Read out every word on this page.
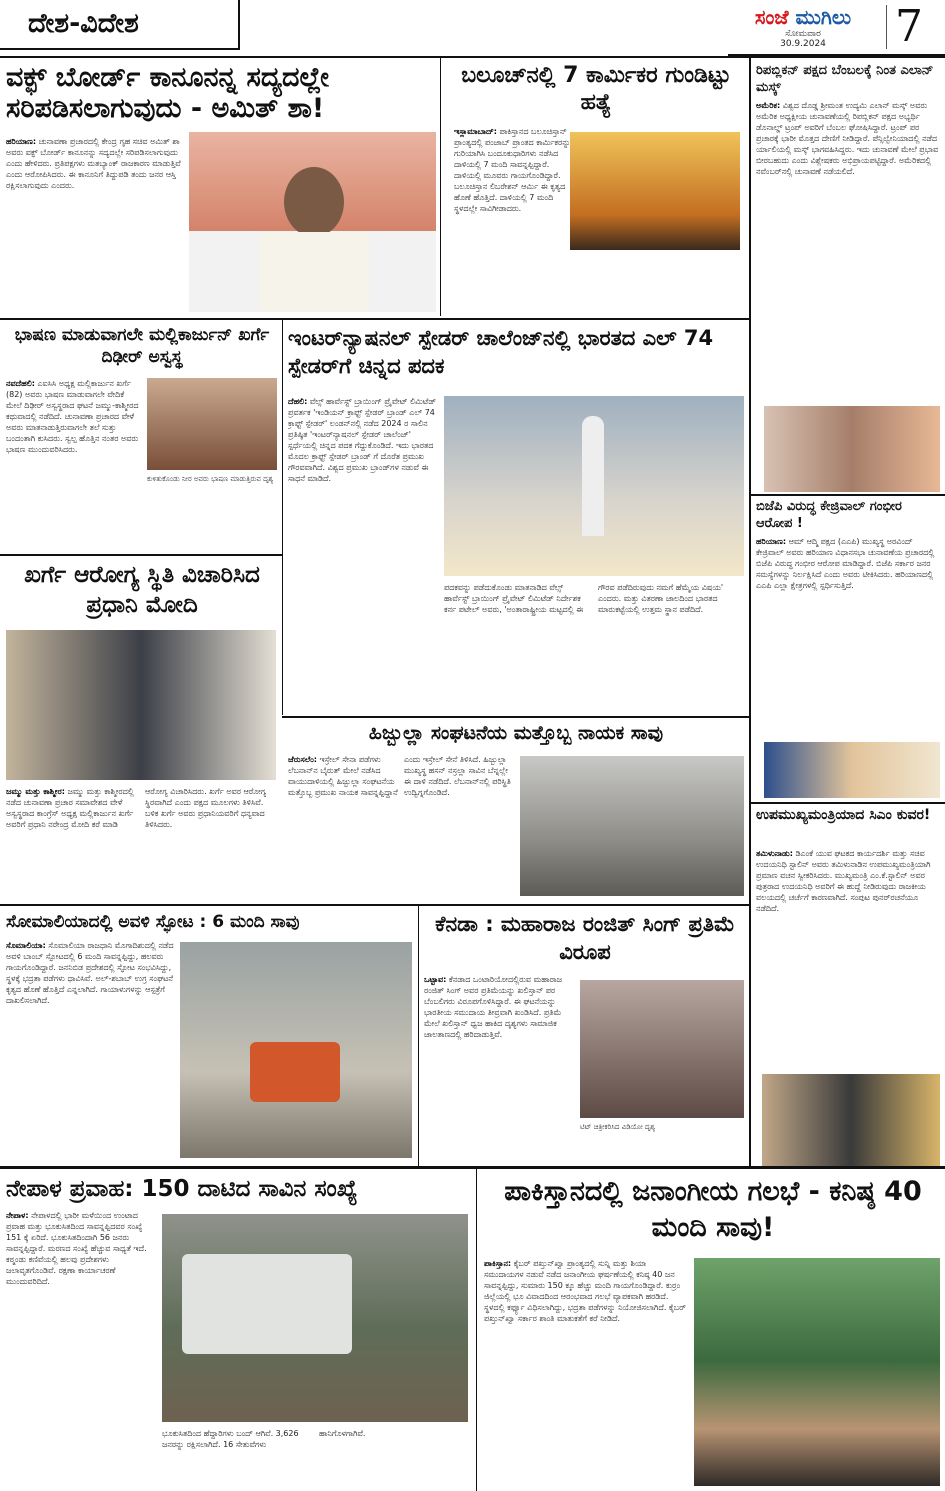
ದೇಶ-ವಿದೇಶ	ಸಂಜೆ ಮುಗಿಲು
ಸೋಮವಾರ
30.9.2024 7
ವಕ್ಫ್ ಬೋರ್ಡ್ ಕಾನೂನನ್ನ ಸದ್ಯದಲ್ಲೇ ಸರಿಪಡಿಸಲಾಗುವುದು - ಅಮಿತ್ ಶಾ!
ಹರಿಯಾಣ: ಚುನಾವಣಾ ಪ್ರಚಾರದಲ್ಲಿ ಕೇಂದ್ರ ಗೃಹ ಸಚಿವ ಅಮಿತ್ ಶಾ ಅವರು ವಕ್ಫ್ ಬೋರ್ಡ್ ಕಾನೂನನ್ನು ಸದ್ಯದಲ್ಲೇ ಸರಿಪಡಿಸಲಾಗುವುದು ಎಂದು ಹೇಳಿದರು. ಪ್ರತಿಪಕ್ಷಗಳು ಮತಬ್ಯಾಂಕ್ ರಾಜಕಾರಣ ಮಾಡುತ್ತಿವೆ ಎಂದು ಆರೋಪಿಸಿದರು. ಈ ಕಾನೂನಿಗೆ ತಿದ್ದುಪಡಿ ತಂದು ಜನರ ಆಸ್ತಿ ರಕ್ಷಿಸಲಾಗುವುದು ಎಂದರು.
ಬಲೂಚ್‌ನಲ್ಲಿ 7 ಕಾರ್ಮಿಕರ ಗುಂಡಿಟ್ಟು ಹತ್ಯೆ
ಇಸ್ಲಾಮಾಬಾದ್: ಪಾಕಿಸ್ತಾನದ ಬಲೂಚಿಸ್ತಾನ್ ಪ್ರಾಂತ್ಯದಲ್ಲಿ ಪಂಜಾಬ್ ಪ್ರಾಂತದ ಕಾರ್ಮಿಕರನ್ನು ಗುರಿಯಾಗಿಸಿ ಬಂದೂಕುಧಾರಿಗಳು ನಡೆಸಿದ ದಾಳಿಯಲ್ಲಿ 7 ಮಂದಿ ಸಾವನ್ನಪ್ಪಿದ್ದಾರೆ. ದಾಳಿಯಲ್ಲಿ ಮೂವರು ಗಾಯಗೊಂಡಿದ್ದಾರೆ. ಬಲೂಚಿಸ್ತಾನ ಲಿಬರೇಶನ್ ಆರ್ಮಿ ಈ ಕೃತ್ಯದ ಹೊಣೆ ಹೊತ್ತಿದೆ. ದಾಳಿಯಲ್ಲಿ 7 ಮಂದಿ ಸ್ಥಳದಲ್ಲೇ ಸಾವಿಗೀಡಾದರು.
ಭಾಷಣ ಮಾಡುವಾಗಲೇ ಮಲ್ಲಿಕಾರ್ಜುನ್ ಖರ್ಗೆ ದಿಢೀರ್ ಅಸ್ವಸ್ಥ
ನವದೆಹಲಿ: ಎಐಸಿಸಿ ಅಧ್ಯಕ್ಷ ಮಲ್ಲಿಕಾರ್ಜುನ ಖರ್ಗೆ (82) ಅವರು ಭಾಷಣ ಮಾಡುವಾಗಲೇ ವೇದಿಕೆ ಮೇಲೆ ದಿಢೀರ್ ಅಸ್ವಸ್ಥರಾದ ಘಟನೆ ಜಮ್ಮು-ಕಾಶ್ಮೀರದ ಕಥುವಾದಲ್ಲಿ ನಡೆದಿದೆ. ಚುನಾವಣಾ ಪ್ರಚಾರದ ವೇಳೆ ಅವರು ಮಾತನಾಡುತ್ತಿರುವಾಗಲೇ ತಲೆ ಸುತ್ತು ಬಂದಂತಾಗಿ ಕುಸಿದರು. ಸ್ವಲ್ಪ ಹೊತ್ತಿನ ನಂತರ ಅವರು ಭಾಷಣ ಮುಂದುವರಿಸಿದರು.
ಕುಳಿತುಕೊಂಡು ನೀರ ಅವರು ಭಾಷಣ ಮಾಡುತ್ತಿರುವ ದೃಶ್ಯ
ಇಂಟರ್‌ನ್ಯಾಷನಲ್ ಸ್ಪೇಡರ್ ಚಾಲೆಂಜ್‌ನಲ್ಲಿ ಭಾರತದ ಎಲ್ 74 ಸ್ಪೇಡರ್‌ಗೆ ಚಿನ್ನದ ಪದಕ
ದೆಹಲಿ: ವೆಲ್ಸ್ ಹಾರ್ವೆಸ್ಟ್ ಬ್ರಾಯಿಂಗ್ ಪ್ರೈವೇಟ್ ಲಿಮಿಟೆಡ್ ಪ್ರವರ್ತಕ 'ಇಂಡಿಯನ್ ಕ್ರಾಫ್ಟ್ ಸ್ಪೇಡರ್ ಬ್ರಾಂಡ್ ಎಲ್ 74 ಕ್ರಾಫ್ಟ್ ಸ್ಪೇಡರ್' ಲಂಡನ್‌ನಲ್ಲಿ ನಡೆದ 2024 ರ ಸಾಲಿನ ಪ್ರತಿಷ್ಠಿತ 'ಇಂಟರ್‌ನ್ಯಾಷನಲ್ ಸ್ಪೇಡರ್ ಚಾಲೆಂಜ್' ಸ್ಪರ್ಧೆಯಲ್ಲಿ ಚಿನ್ನದ ಪದಕ ಗೆದ್ದುಕೊಂಡಿದೆ. ಇದು ಭಾರತದ ಮೊದಲ ಕ್ರಾಫ್ಟ್ ಸ್ಪೇಡರ್ ಬ್ರಾಂಡ್ ಗೆ ದೊರೆತ ಪ್ರಮುಖ ಗೌರವವಾಗಿದೆ. ವಿಶ್ವದ ಪ್ರಮುಖ ಬ್ರಾಂಡ್‌ಗಳ ನಡುವೆ ಈ ಸಾಧನೆ ಮಾಡಿದೆ.
ಪದಕವನ್ನು ಪಡೆದುಕೊಂಡು ಮಾತನಾಡಿದ ವೆಲ್ಸ್ ಹಾರ್ವೆಸ್ಟ್ ಬ್ರಾಯಿಂಗ್ ಪ್ರೈವೇಟ್ ಲಿಮಿಟೆಡ್ ನಿರ್ದೇಶಕ ಕರ್ನ ಪಟೇಲ್ ಅವರು, 'ಅಂತಾರಾಷ್ಟ್ರೀಯ ಮಟ್ಟದಲ್ಲಿ ಈ ಗೌರವ ಪಡೆದಿರುವುದು ನಮಗೆ ಹೆಮ್ಮೆಯ ವಿಷಯ' ಎಂದರು. ಮತ್ತು ವಿತರಣಾ ಜಾಲದಿಂದ ಭಾರತದ ಮಾರುಕಟ್ಟೆಯಲ್ಲಿ ಉತ್ತಮ ಸ್ಥಾನ ಪಡೆದಿದೆ.
ಖರ್ಗೆ ಆರೋಗ್ಯ ಸ್ಥಿತಿ ವಿಚಾರಿಸಿದ ಪ್ರಧಾನಿ ಮೋದಿ
ಜಮ್ಮು ಮತ್ತು ಕಾಶ್ಮೀರ: ಜಮ್ಮು ಮತ್ತು ಕಾಶ್ಮೀರದಲ್ಲಿ ನಡೆದ ಚುನಾವಣಾ ಪ್ರಚಾರ ಸಮಾವೇಶದ ವೇಳೆ ಅಸ್ವಸ್ಥರಾದ ಕಾಂಗ್ರೆಸ್ ಅಧ್ಯಕ್ಷ ಮಲ್ಲಿಕಾರ್ಜುನ ಖರ್ಗೆ ಅವರಿಗೆ ಪ್ರಧಾನಿ ನರೇಂದ್ರ ಮೋದಿ ಕರೆ ಮಾಡಿ ಆರೋಗ್ಯ ವಿಚಾರಿಸಿದರು. ಖರ್ಗೆ ಅವರ ಆರೋಗ್ಯ ಸ್ಥಿರವಾಗಿದೆ ಎಂದು ಪಕ್ಷದ ಮೂಲಗಳು ತಿಳಿಸಿವೆ. ಬಳಿಕ ಖರ್ಗೆ ಅವರು ಪ್ರಧಾನಿಯವರಿಗೆ ಧನ್ಯವಾದ ತಿಳಿಸಿದರು.
ಹಿಜ್ಬುಲ್ಲಾ ಸಂಘಟನೆಯ ಮತ್ತೊಬ್ಬ ನಾಯಕ ಸಾವು
ಜೆರುಸಲೆಂ: ಇಸ್ರೇಲ್ ಸೇನಾ ಪಡೆಗಳು ಲೆಬನಾನ್‌ನ ಬೈರುತ್ ಮೇಲೆ ನಡೆಸಿದ ವಾಯುದಾಳಿಯಲ್ಲಿ ಹಿಜ್ಬುಲ್ಲಾ ಸಂಘಟನೆಯ ಮತ್ತೊಬ್ಬ ಪ್ರಮುಖ ನಾಯಕ ಸಾವನ್ನಪ್ಪಿದ್ದಾನೆ ಎಂದು ಇಸ್ರೇಲ್ ಸೇನೆ ತಿಳಿಸಿದೆ. ಹಿಜ್ಬುಲ್ಲಾ ಮುಖ್ಯಸ್ಥ ಹಸನ್ ನಸ್ರಲ್ಲಾ ಸಾವಿನ ಬೆನ್ನಲ್ಲೇ ಈ ದಾಳಿ ನಡೆದಿದೆ. ಲೆಬನಾನ್‌ನಲ್ಲಿ ಪರಿಸ್ಥಿತಿ ಉದ್ವಿಗ್ನಗೊಂಡಿದೆ.
ಸೋಮಾಲಿಯಾದಲ್ಲಿ ಅವಳಿ ಸ್ಫೋಟ : 6 ಮಂದಿ ಸಾವು
ಸೊಮಾಲಿಯಾ: ಸೊಮಾಲಿಯಾ ರಾಜಧಾನಿ ಮೊಗಾದಿಶುದಲ್ಲಿ ನಡೆದ ಅವಳಿ ಬಾಂಬ್ ಸ್ಫೋಟದಲ್ಲಿ 6 ಮಂದಿ ಸಾವನ್ನಪ್ಪಿದ್ದು, ಹಲವರು ಗಾಯಗೊಂಡಿದ್ದಾರೆ. ಜನನಿಬಿಡ ಪ್ರದೇಶದಲ್ಲಿ ಸ್ಫೋಟ ಸಂಭವಿಸಿದ್ದು, ಸ್ಥಳಕ್ಕೆ ಭದ್ರತಾ ಪಡೆಗಳು ಧಾವಿಸಿವೆ. ಅಲ್-ಶಬಾಬ್ ಉಗ್ರ ಸಂಘಟನೆ ಕೃತ್ಯದ ಹೊಣೆ ಹೊತ್ತಿದೆ ಎನ್ನಲಾಗಿದೆ. ಗಾಯಾಳುಗಳನ್ನು ಆಸ್ಪತ್ರೆಗೆ ದಾಖಲಿಸಲಾಗಿದೆ.
ಕೆನಡಾ : ಮಹಾರಾಜ ರಂಜಿತ್ ಸಿಂಗ್ ಪ್ರತಿಮೆ ವಿರೂಪ
ಒಟ್ಟಾವ: ಕೆನಡಾದ ಒಂಟಾರಿಯೋದಲ್ಲಿರುವ ಮಹಾರಾಜ ರಂಜಿತ್ ಸಿಂಗ್ ಅವರ ಪ್ರತಿಮೆಯನ್ನು ಖಲಿಸ್ತಾನ್ ಪರ ಬೆಂಬಲಿಗರು ವಿರೂಪಗೊಳಿಸಿದ್ದಾರೆ. ಈ ಘಟನೆಯನ್ನು ಭಾರತೀಯ ಸಮುದಾಯ ತೀವ್ರವಾಗಿ ಖಂಡಿಸಿದೆ. ಪ್ರತಿಮೆ ಮೇಲೆ ಖಲಿಸ್ತಾನ್ ಧ್ವಜ ಹಾಕಿದ ದೃಶ್ಯಗಳು ಸಾಮಾಜಿಕ ಜಾಲತಾಣದಲ್ಲಿ ಹರಿದಾಡುತ್ತಿವೆ.
ಟಿಟ್ ಚಿತ್ರೀಕರಿಸಿದ ವಿಡಿಯೋ ದೃಶ್ಯ
ನೇಪಾಳ ಪ್ರವಾಹ: 150 ದಾಟಿದ ಸಾವಿನ ಸಂಖ್ಯೆ
ನೇಪಾಳ: ನೇಪಾಳದಲ್ಲಿ ಭಾರೀ ಮಳೆಯಿಂದ ಉಂಟಾದ ಪ್ರವಾಹ ಮತ್ತು ಭೂಕುಸಿತದಿಂದ ಸಾವನ್ನಪ್ಪಿದವರ ಸಂಖ್ಯೆ 151 ಕ್ಕೆ ಏರಿದೆ. ಭೂಕುಸಿತದಿಂದಾಗಿ 56 ಜನರು ಸಾವನ್ನಪ್ಪಿದ್ದಾರೆ. ಮರಣದ ಸಂಖ್ಯೆ ಹೆಚ್ಚುವ ಸಾಧ್ಯತೆ ಇದೆ. ಕಠ್ಮಂಡು ಕಣಿವೆಯಲ್ಲಿ ಹಲವು ಪ್ರದೇಶಗಳು ಜಲಾವೃತಗೊಂಡಿವೆ. ರಕ್ಷಣಾ ಕಾರ್ಯಾಚರಣೆ ಮುಂದುವರಿದಿದೆ.
ಭೂಕುಸಿತದಿಂದ ಹೆದ್ದಾರಿಗಳು ಬಂದ್ ಆಗಿವೆ. 3,626 ಜನರನ್ನು ರಕ್ಷಿಸಲಾಗಿದೆ. 16 ಸೇತುವೆಗಳು ಹಾನಿಗೊಳಗಾಗಿವೆ.
ಪಾಕಿಸ್ತಾನದಲ್ಲಿ ಜನಾಂಗೀಯ ಗಲಭೆ - ಕನಿಷ್ಠ 40 ಮಂದಿ ಸಾವು!
ಪಾಕಿಸ್ತಾನ: ಕೈಬರ್ ಪಖ್ತುನ್‌ಖ್ವಾ ಪ್ರಾಂತ್ಯದಲ್ಲಿ ಸುನ್ನಿ ಮತ್ತು ಶಿಯಾ ಸಮುದಾಯಗಳ ನಡುವೆ ನಡೆದ ಜನಾಂಗೀಯ ಘರ್ಷಣೆಯಲ್ಲಿ ಕನಿಷ್ಠ 40 ಜನ ಸಾವನ್ನಪ್ಪಿದ್ದು, ಸುಮಾರು 150 ಕ್ಕೂ ಹೆಚ್ಚು ಮಂದಿ ಗಾಯಗೊಂಡಿದ್ದಾರೆ. ಕುರ್ರಂ ಜಿಲ್ಲೆಯಲ್ಲಿ ಭೂ ವಿವಾದದಿಂದ ಆರಂಭವಾದ ಗಲಭೆ ವ್ಯಾಪಕವಾಗಿ ಹರಡಿದೆ. ಸ್ಥಳದಲ್ಲಿ ಕರ್ಫ್ಯೂ ವಿಧಿಸಲಾಗಿದ್ದು, ಭದ್ರತಾ ಪಡೆಗಳನ್ನು ನಿಯೋಜಿಸಲಾಗಿದೆ. ಕೈಬರ್ ಪಖ್ತುನ್‌ಖ್ವಾ ಸರ್ಕಾರ ಶಾಂತಿ ಮಾತುಕತೆಗೆ ಕರೆ ನೀಡಿದೆ.
ರಿಪಬ್ಲಿಕನ್ ಪಕ್ಷದ ಬೆಂಬಲಕ್ಕೆ ನಿಂತ ಎಲಾನ್ ಮಸ್ಕ್
ಅಮೆರಿಕ: ವಿಶ್ವದ ದೊಡ್ಡ ಶ್ರೀಮಂತ ಉದ್ಯಮಿ ಎಲಾನ್ ಮಸ್ಕ್ ಅವರು ಅಮೆರಿಕ ಅಧ್ಯಕ್ಷೀಯ ಚುನಾವಣೆಯಲ್ಲಿ ರಿಪಬ್ಲಿಕನ್ ಪಕ್ಷದ ಅಭ್ಯರ್ಥಿ ಡೊನಾಲ್ಡ್ ಟ್ರಂಪ್ ಅವರಿಗೆ ಬೆಂಬಲ ಘೋಷಿಸಿದ್ದಾರೆ. ಟ್ರಂಪ್ ಪರ ಪ್ರಚಾರಕ್ಕೆ ಭಾರೀ ಮೊತ್ತದ ದೇಣಿಗೆ ನೀಡಿದ್ದಾರೆ. ಪೆನ್ಸಿಲ್ವೇನಿಯಾದಲ್ಲಿ ನಡೆದ ರ್ಯಾಲಿಯಲ್ಲಿ ಮಸ್ಕ್ ಭಾಗವಹಿಸಿದ್ದರು. ಇದು ಚುನಾವಣೆ ಮೇಲೆ ಪ್ರಭಾವ ಬೀರಬಹುದು ಎಂದು ವಿಶ್ಲೇಷಕರು ಅಭಿಪ್ರಾಯಪಟ್ಟಿದ್ದಾರೆ. ಅಮೆರಿಕದಲ್ಲಿ ನವೆಂಬರ್‌ನಲ್ಲಿ ಚುನಾವಣೆ ನಡೆಯಲಿದೆ.
ಬಿಜೆಪಿ ವಿರುದ್ಧ ಕೇಜ್ರಿವಾಲ್ ಗಂಭೀರ ಆರೋಪ !
ಹರಿಯಾಣ: ಆಮ್ ಆದ್ಮಿ ಪಕ್ಷದ (ಎಎಪಿ) ಮುಖ್ಯಸ್ಥ ಅರವಿಂದ್ ಕೇಜ್ರಿವಾಲ್ ಅವರು ಹರಿಯಾಣ ವಿಧಾನಸಭಾ ಚುನಾವಣೆಯ ಪ್ರಚಾರದಲ್ಲಿ ಬಿಜೆಪಿ ವಿರುದ್ಧ ಗಂಭೀರ ಆರೋಪ ಮಾಡಿದ್ದಾರೆ. ಬಿಜೆಪಿ ಸರ್ಕಾರ ಜನರ ಸಮಸ್ಯೆಗಳನ್ನು ನಿರ್ಲಕ್ಷಿಸಿದೆ ಎಂದು ಅವರು ಟೀಕಿಸಿದರು. ಹರಿಯಾಣದಲ್ಲಿ ಎಎಪಿ ಎಲ್ಲಾ ಕ್ಷೇತ್ರಗಳಲ್ಲಿ ಸ್ಪರ್ಧಿಸುತ್ತಿದೆ.
ಉಪಮುಖ್ಯಮಂತ್ರಿಯಾದ ಸಿಎಂ ಕುವರ!
ತಮಿಳುನಾಡು: ಡಿಎಂಕೆ ಯುವ ಘಟಕದ ಕಾರ್ಯದರ್ಶಿ ಮತ್ತು ಸಚಿವ ಉದಯನಿಧಿ ಸ್ಟಾಲಿನ್ ಅವರು ತಮಿಳುನಾಡಿನ ಉಪಮುಖ್ಯಮಂತ್ರಿಯಾಗಿ ಪ್ರಮಾಣ ವಚನ ಸ್ವೀಕರಿಸಿದರು. ಮುಖ್ಯಮಂತ್ರಿ ಎಂ.ಕೆ.ಸ್ಟಾಲಿನ್ ಅವರ ಪುತ್ರರಾದ ಉದಯನಿಧಿ ಅವರಿಗೆ ಈ ಹುದ್ದೆ ನೀಡಿರುವುದು ರಾಜಕೀಯ ವಲಯದಲ್ಲಿ ಚರ್ಚೆಗೆ ಕಾರಣವಾಗಿದೆ. ಸಂಪುಟ ಪುನರ್‌ರಚನೆಯೂ ನಡೆದಿದೆ.
